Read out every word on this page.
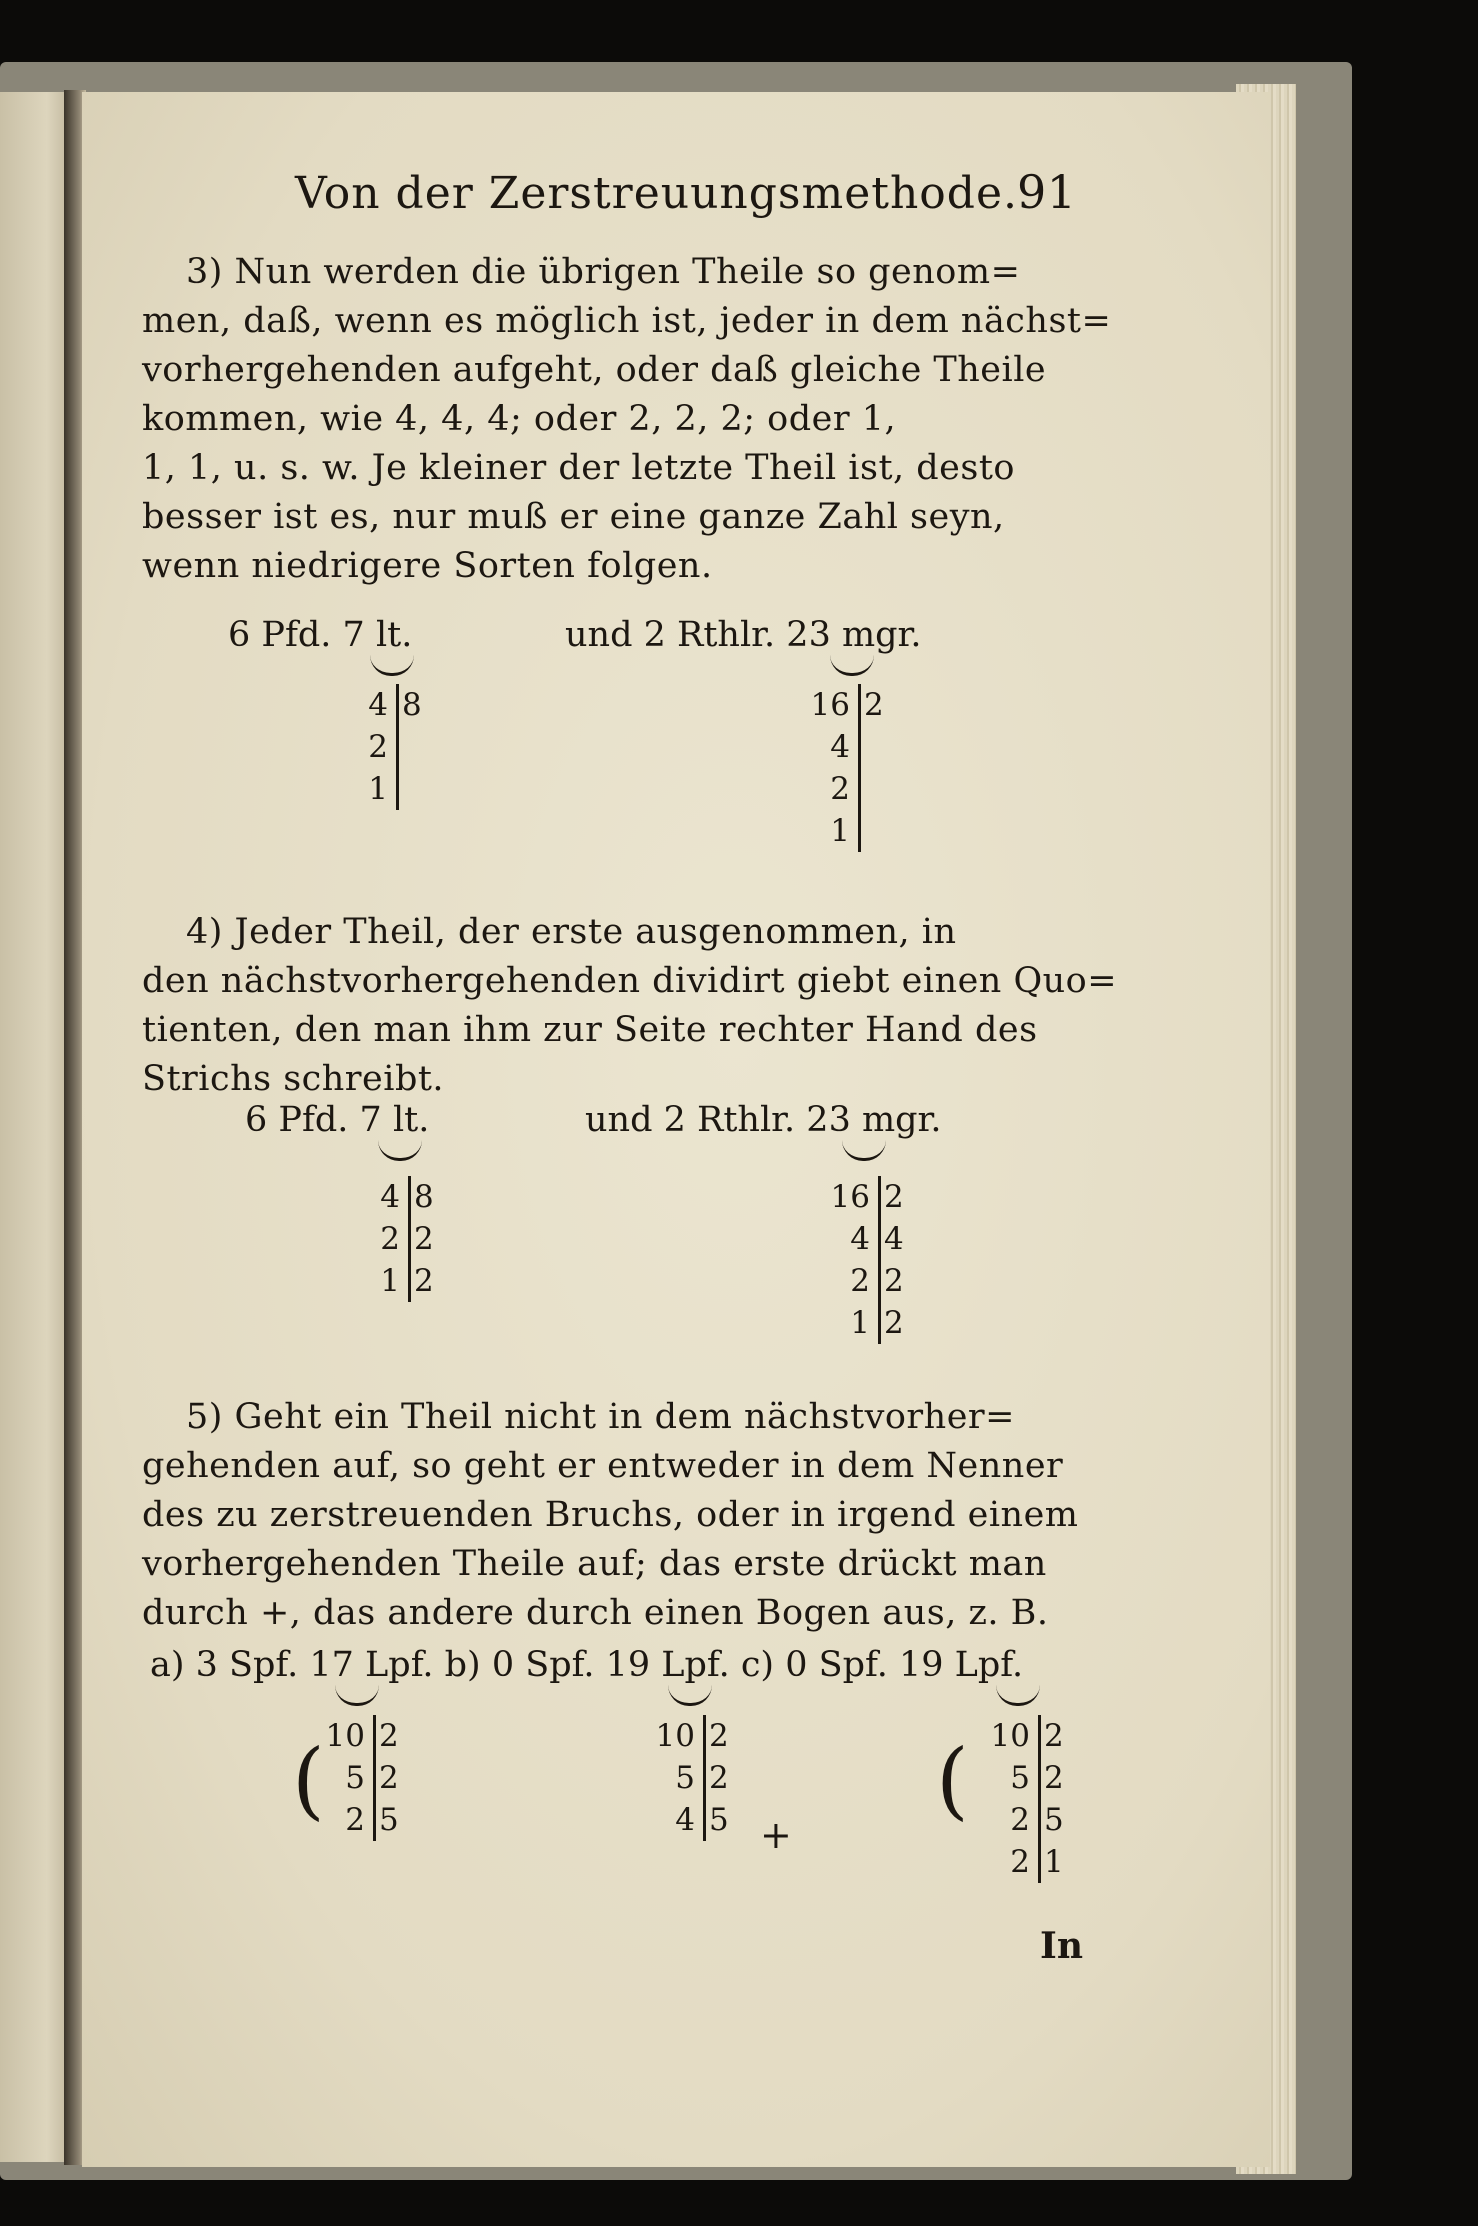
Von der Zerstreuungsmethode. 91
3) Nun werden die übrigen Theile so genom=
men, daß, wenn es möglich ist, jeder in dem nächst=
vorhergehenden aufgeht, oder daß gleiche Theile
kommen, wie 4, 4, 4; oder 2, 2, 2; oder 1,
1, 1, u. s. w. Je kleiner der letzte Theil ist, desto
besser ist es, nur muß er eine ganze Zahl seyn,
wenn niedrigere Sorten folgen.
6 Pfd. 7 lt.	und 2 Rthlr. 23 mgr.
4 8
2
1
16 2
4
2
1
4) Jeder Theil, der erste ausgenommen, in
den nächstvorhergehenden dividirt giebt einen Quo=
tienten, den man ihm zur Seite rechter Hand des
Strichs schreibt.
6 Pfd. 7 lt.	und 2 Rthlr. 23 mgr.
4 8
2 2
1 2
16 2
4 4
2 2
1 2
5) Geht ein Theil nicht in dem nächstvorher=
gehenden auf, so geht er entweder in dem Nenner
des zu zerstreuenden Bruchs, oder in irgend einem
vorhergehenden Theile auf; das erste drückt man
durch +, das andere durch einen Bogen aus, z. B.
a) 3 Spf. 17 Lpf. b) 0 Spf. 19 Lpf. c) 0 Spf. 19 Lpf.
( 10 2
5 2
2 5
10 2
5 2
4 5 +
( 10 2
5 2
2 5
2 1
In
